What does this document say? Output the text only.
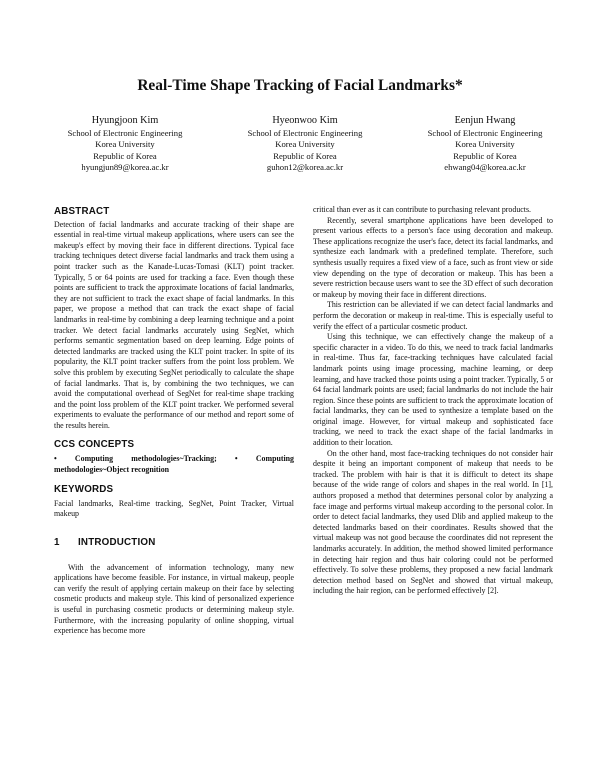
Real-Time Shape Tracking of Facial Landmarks*
Hyungjoon Kim
School of Electronic Engineering
Korea University
Republic of Korea
hyungjun89@korea.ac.kr
Hyeonwoo Kim
School of Electronic Engineering
Korea University
Republic of Korea
guhon12@korea.ac.kr
Eenjun Hwang
School of Electronic Engineering
Korea University
Republic of Korea
ehwang04@korea.ac.kr
ABSTRACT

Detection of facial landmarks and accurate tracking of their shape are essential in real-time virtual makeup applications, where users can see the makeup's effect by moving their face in different directions. Typical face tracking techniques detect diverse facial landmarks and track them using a point tracker such as the Kanade-Lucas-Tomasi (KLT) point tracker. Typically, 5 or 64 points are used for tracking a face. Even though these points are sufficient to track the approximate locations of facial landmarks, they are not sufficient to track the exact shape of facial landmarks. In this paper, we propose a method that can track the exact shape of facial landmarks in real-time by combining a deep learning technique and a point tracker. We detect facial landmarks accurately using SegNet, which performs semantic segmentation based on deep learning. Edge points of detected landmarks are tracked using the KLT point tracker. In spite of its popularity, the KLT point tracker suffers from the point loss problem. We solve this problem by executing SegNet periodically to calculate the shape of facial landmarks. That is, by combining the two techniques, we can avoid the computational overhead of SegNet for real-time shape tracking and the point loss problem of the KLT point tracker. We performed several experiments to evaluate the performance of our method and report some of the results herein.

CCS CONCEPTS

• Computing methodologies~Tracking; • Computing methodologies~Object recognition

KEYWORDS

Facial landmarks, Real-time tracking, SegNet, Point Tracker, Virtual makeup

1 INTRODUCTION

With the advancement of information technology, many new applications have become feasible. For instance, in virtual makeup, people can verify the result of applying certain makeup on their face by selecting cosmetic products and makeup style. This kind of personalized experience is useful in purchasing cosmetic products or determining makeup style. Furthermore, with the increasing popularity of online shopping, virtual experience has become more

critical than ever as it can contribute to purchasing relevant products.

Recently, several smartphone applications have been developed to present various effects to a person's face using decoration and makeup. These applications recognize the user's face, detect its facial landmarks, and synthesize each landmark with a predefined template. Therefore, such synthesis usually requires a fixed view of a face, such as front view or side view depending on the type of decoration or makeup. This has been a severe restriction because users want to see the 3D effect of such decoration or makeup by moving their face in different directions.

This restriction can be alleviated if we can detect facial landmarks and perform the decoration or makeup in real-time. This is especially useful to verify the effect of a particular cosmetic product.

Using this technique, we can effectively change the makeup of a specific character in a video. To do this, we need to track facial landmarks in real-time. Thus far, face-tracking techniques have calculated facial landmark points using image processing, machine learning, or deep learning, and have tracked those points using a point tracker. Typically, 5 or 64 facial landmark points are used; facial landmarks do not include the hair region. Since these points are sufficient to track the approximate location of facial landmarks, they can be used to synthesize a template based on the original image. However, for virtual makeup and sophisticated face tracking, we need to track the exact shape of the facial landmarks in addition to their location.

On the other hand, most face-tracking techniques do not consider hair despite it being an important component of makeup that needs to be tracked. The problem with hair is that it is difficult to detect its shape because of the wide range of colors and shapes in the real world. In [1], authors proposed a method that determines personal color by analyzing a face image and performs virtual makeup according to the personal color. In order to detect facial landmarks, they used Dlib and applied makeup to the detected landmarks based on their coordinates. Results showed that the virtual makeup was not good because the coordinates did not represent the landmarks accurately. In addition, the method showed limited performance in detecting hair region and thus hair coloring could not be performed effectively. To solve these problems, they proposed a new facial landmark detection method based on SegNet and showed that virtual makeup, including the hair region, can be performed effectively [2].
